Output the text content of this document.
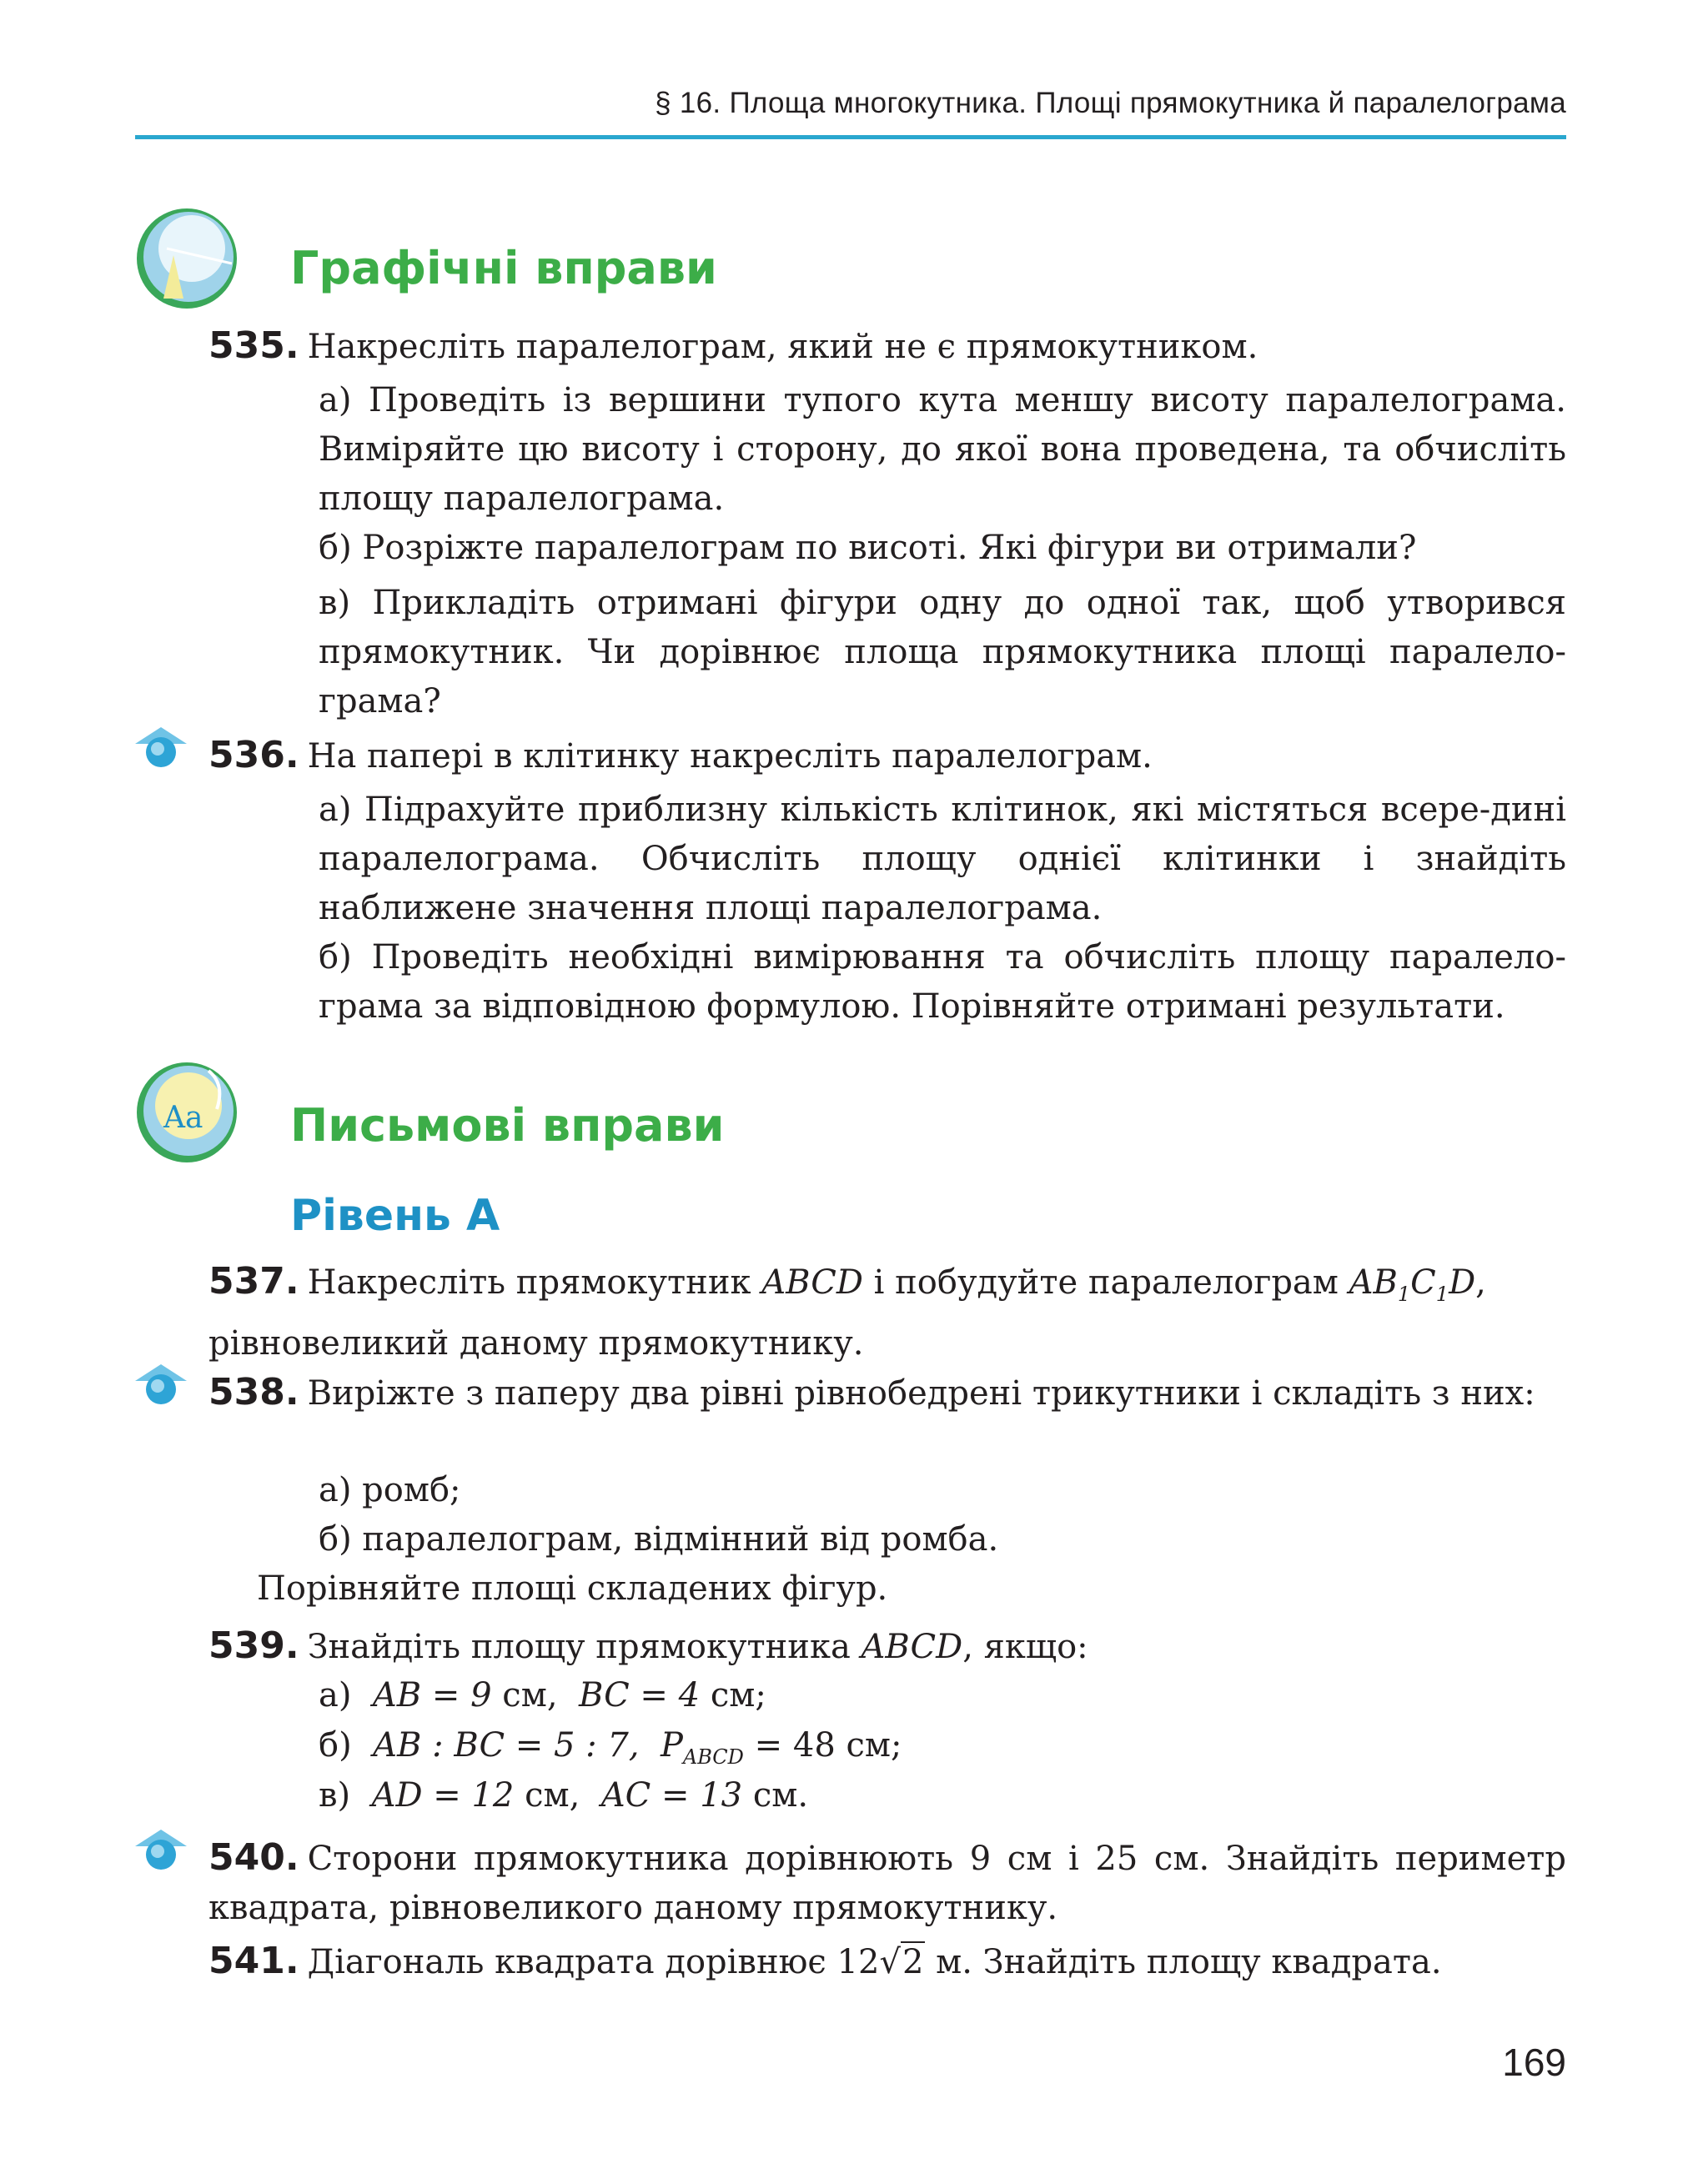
§ 16. Площа многокутника. Площі прямокутника й паралелограма
Графічні вправи
535. Накресліть паралелограм, який не є прямокутником.
а) Проведіть із вершини тупого кута меншу висоту паралелограма. Виміряйте цю висоту і сторону, до якої вона проведена, та обчисліть площу паралелограма.
б) Розріжте паралелограм по висоті. Які фігури ви отримали?
в) Прикладіть отримані фігури одну до одної так, щоб утворився прямокутник. Чи дорівнює площа прямокутника площі паралело-грама?
536. На папері в клітинку накресліть паралелограм.
а) Підрахуйте приблизну кількість клітинок, які містяться всере-дині паралелограма. Обчисліть площу однієї клітинки і знайдіть наближене значення площі паралелограма.
б) Проведіть необхідні вимірювання та обчисліть площу паралело-грама за відповідною формулою. Порівняйте отримані результати.
Aa Письмові вправи
Рівень А
537. Накресліть прямокутник ABCD і побудуйте паралелограм $AB_1C_1D$,
рівновеликий даному прямокутнику.
538. Виріжте з паперу два рівні рівнобедрені трикутники і складіть з них:
а) ромб;
б) паралелограм, відмінний від ромба.
Порівняйте площі складених фігур.
539. Знайдіть площу прямокутника ABCD, якщо:
а) AB = 9 см, BC = 4 см;
б) AB : BC = 5 : 7, $P_{ABCD} = 48$ см;
в) AD = 12 см, AC = 13 см.
540. Сторони прямокутника дорівнюють 9 см і 25 см. Знайдіть периметр квадрата, рівновеликого даному прямокутнику.
541. Діагональ квадрата дорівнює 12√2 м. Знайдіть площу квадрата.
169
